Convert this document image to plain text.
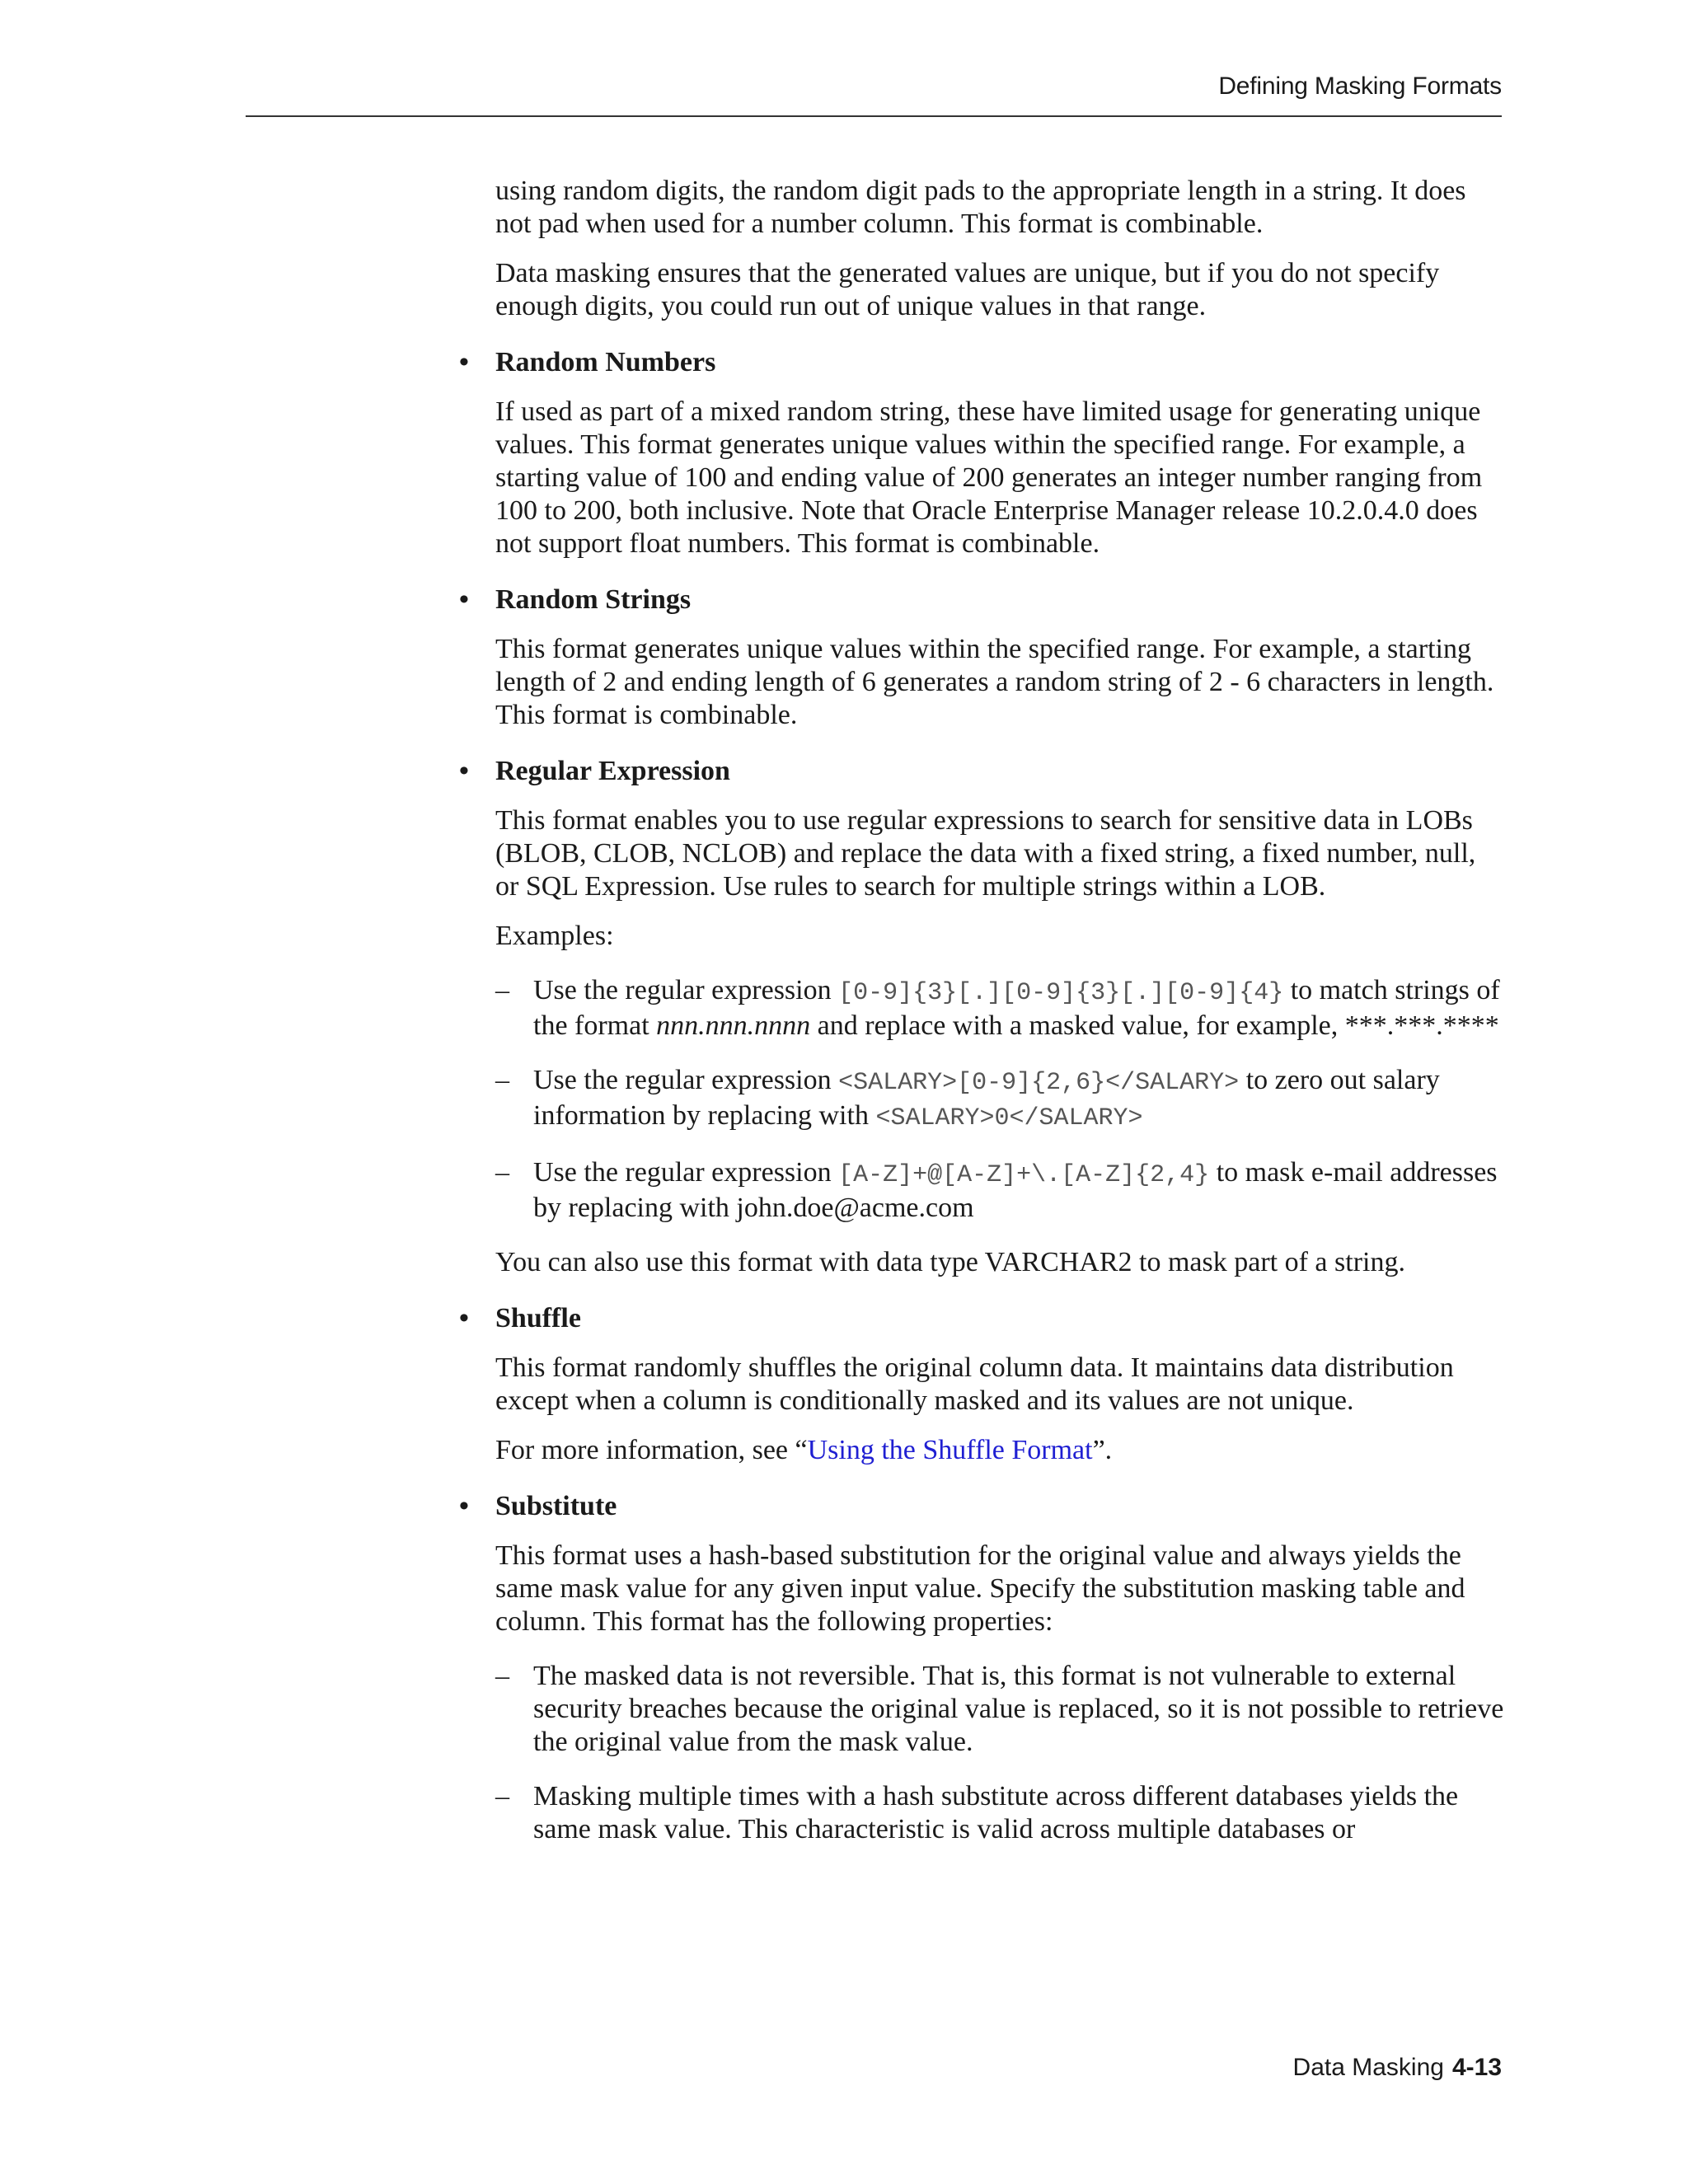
Defining Masking Formats

using random digits, the random digit pads to the appropriate length in a string. It does not pad when used for a number column. This format is combinable.

Data masking ensures that the generated values are unique, but if you do not specify enough digits, you could run out of unique values in that range.

• Random Numbers

If used as part of a mixed random string, these have limited usage for generating unique values. This format generates unique values within the specified range. For example, a starting value of 100 and ending value of 200 generates an integer number ranging from 100 to 200, both inclusive. Note that Oracle Enterprise Manager release 10.2.0.4.0 does not support float numbers. This format is combinable.

• Random Strings

This format generates unique values within the specified range. For example, a starting length of 2 and ending length of 6 generates a random string of 2 - 6 characters in length. This format is combinable.

• Regular Expression

This format enables you to use regular expressions to search for sensitive data in LOBs (BLOB, CLOB, NCLOB) and replace the data with a fixed string, a fixed number, null, or SQL Expression. Use rules to search for multiple strings within a LOB.

Examples:

– Use the regular expression [0-9]{3}[.][0-9]{3}[.][0-9]{4} to match strings of the format nnn.nnn.nnnn and replace with a masked value, for example, ***.***.****
– Use the regular expression <SALARY>[0-9]{2,6}</SALARY> to zero out salary information by replacing with <SALARY>0</SALARY>
– Use the regular expression [A-Z]+@[A-Z]+\.[A-Z]{2,4} to mask e-mail addresses by replacing with john.doe@acme.com

You can also use this format with data type VARCHAR2 to mask part of a string.

• Shuffle

This format randomly shuffles the original column data. It maintains data distribution except when a column is conditionally masked and its values are not unique.

For more information, see “Using the Shuffle Format”.

• Substitute

This format uses a hash-based substitution for the original value and always yields the same mask value for any given input value. Specify the substitution masking table and column. This format has the following properties:

– The masked data is not reversible. That is, this format is not vulnerable to external security breaches because the original value is replaced, so it is not possible to retrieve the original value from the mask value.
– Masking multiple times with a hash substitute across different databases yields the same mask value. This characteristic is valid across multiple databases or
Data Masking 4-13
